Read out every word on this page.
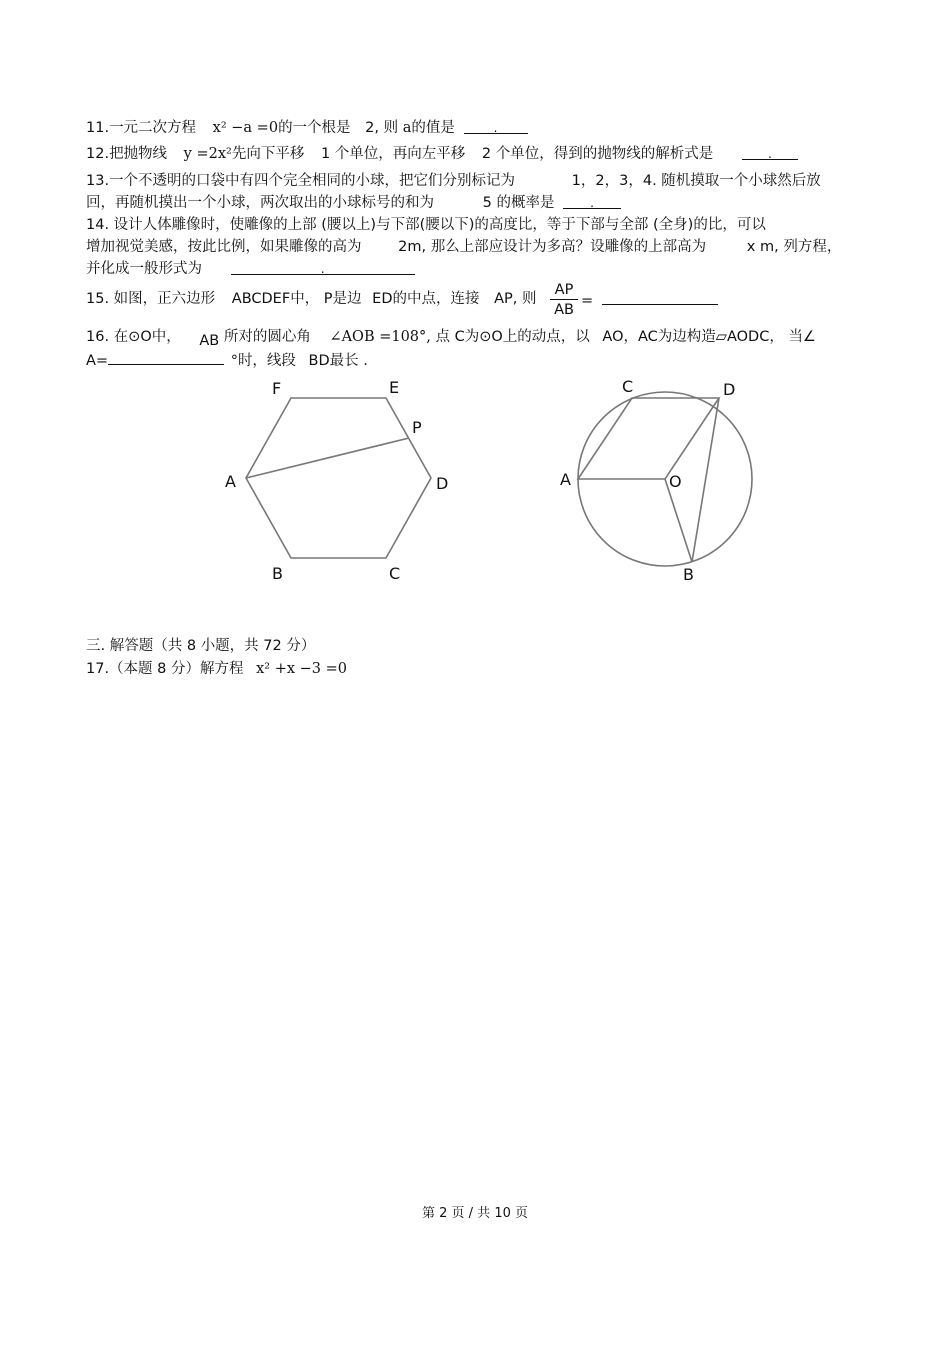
11.一元二次方程 x² −a =0的一个根是 2, 则 a的值是	.
12.把抛物线 y =2x²先向下平移 1 个单位，再向左平移 2 个单位，得到的抛物线的解析式是	.
13.一个不透明的口袋中有四个完全相同的小球，把它们分别标记为	1，2，3，4. 随机摸取一个小球然后放
回，再随机摸出一个小球，两次取出的小球标号的和为	5 的概率是	.
14. 设计人体雕像时，使雕像的上部 (腰以上)与下部(腰以下)的高度比，等于下部与全部 (全身)的比，可以
增加视觉美感，按此比例，如果雕像的高为	2m, 那么上部应设计为多高？设雕像的上部高为	x m, 列方程，
并化成一般形式为	.
15. 如图，正六边形 ABCDEF中， P是边 ED的中点，连接 AP, 则 $\frac{AP}{AB}$ =
16. 在⊙O中， AB 所对的圆心角 ∠AOB =108°, 点 C为⊙O上的动点，以 AO，AC为边构造▱AODC， 当∠
A=	°时，线段 BD最长 .
F	E
P
A	D
B	C
C	D
A	O
B
三. 解答题（共 8 小题，共 72 分）
17.（本题 8 分）解方程 x² +x −3 =0
第 2 页 / 共 10 页
